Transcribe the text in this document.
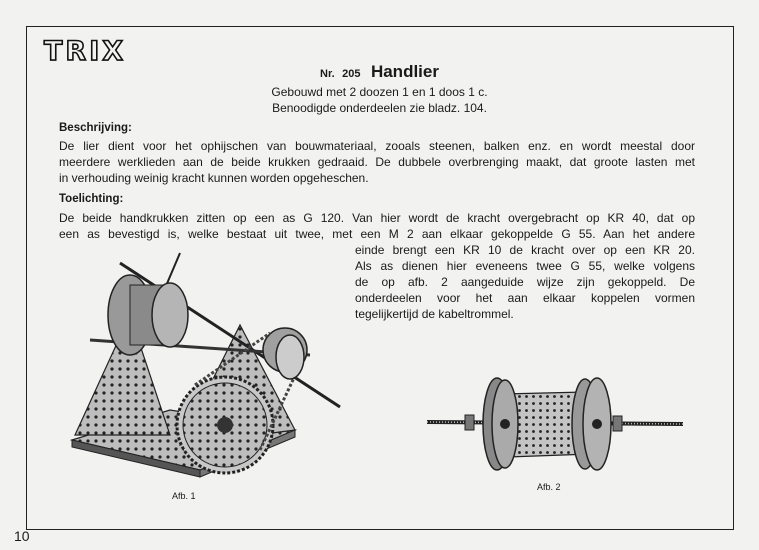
TRIX
Nr. 205 Handlier
Gebouwd met 2 doozen 1 en 1 doos 1 c.
Benoodigde onderdeelen zie bladz. 104.
Beschrijving:
De lier dient voor het ophijschen van bouwmateriaal, zooals steenen, balken enz. en wordt meestal door
meerdere werklieden aan de beide krukken gedraaid. De dubbele overbrenging maakt, dat groote lasten met
in verhouding weinig kracht kunnen worden opgeheschen.
Toelichting:
De beide handkrukken zitten op een as G 120. Van hier wordt de kracht overgebracht op KR 40, dat op
een as bevestigd is, welke bestaat uit twee, met een M 2 aan elkaar gekoppelde G 55. Aan het andere
einde brengt een KR 10 de kracht over op een KR 20.
Als as dienen hier eveneens twee G 55, welke volgens
de op afb. 2 aangeduide wijze zijn gekoppeld. De
onderdeelen voor het aan elkaar koppelen vormen
tegelijkertijd de kabeltrommel.
Afb. 1
Afb. 2
10
